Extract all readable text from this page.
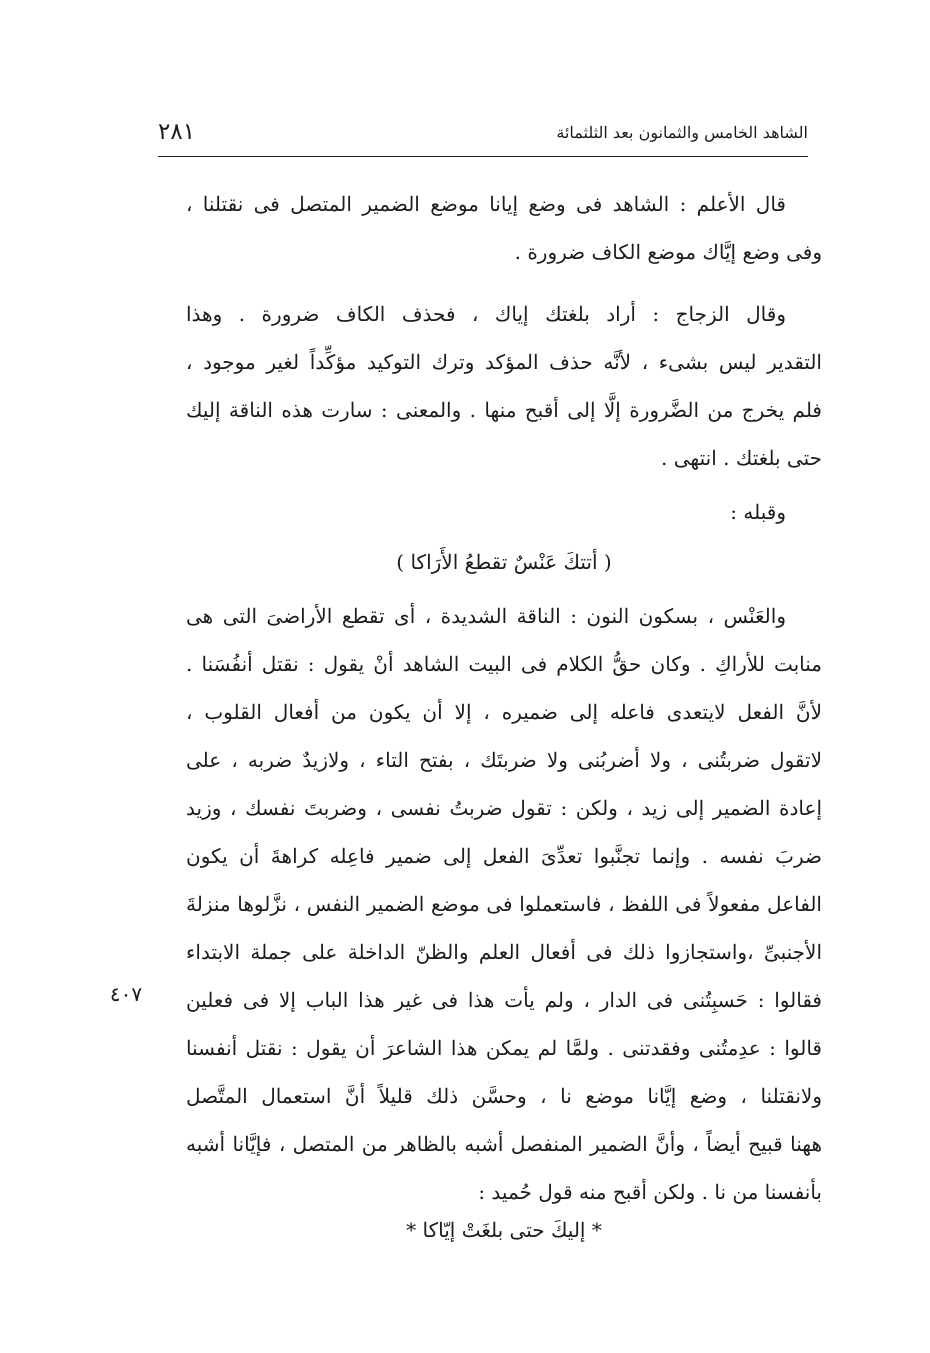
الشاهد الخامس والثمانون بعد الثلثمائة
٢٨١
قال الأعلم : الشاهد فى وضع إيانا موضع الضمير المتصل فى نقتلنا ،
وفى وضع إيَّاك موضع الكاف ضرورة .
وقال الزجاج : أراد بلغتك إياك ، فحذف الكاف ضرورة . وهذا
التقدير ليس بشىء ، لأنَّه حذف المؤكد وترك التوكيد مؤكِّداً لغير موجود ،
فلم يخرج من الضَّرورة إلَّا إلى أقبح منها . والمعنى : سارت هذه الناقة إليك
حتى بلغتك . انتهى .
وقبله :
( أتتكَ عَنْسٌ تقطعُ الأَرَاكا )
والعَنْس ، بسكون النون : الناقة الشديدة ، أى تقطع الأراضىَ التى هى
منابت للأراكِ . وكان حقُّ الكلام فى البيت الشاهد أنْ يقول : نقتل أنفُسَنا .
لأنَّ الفعل لايتعدى فاعله إلى ضميره ، إلا أن يكون من أفعال القلوب ،
لاتقول ضربتُنى ، ولا أضربُنى ولا ضربتَك ، بفتح التاء ، ولازيدٌ ضربه ، على
إعادة الضمير إلى زيد ، ولكن : تقول ضربتُ نفسى ، وضربتَ نفسك ، وزيد
ضربَ نفسه . وإنما تجنَّبوا تعدِّىَ الفعل إلى ضمير فاعِله كراهةَ أن يكون
الفاعل مفعولاً فى اللفظ ، فاستعملوا فى موضع الضمير النفس ، نزَّلوها منزلةَ
الأجنبىِّ ،واستجازوا ذلك فى أفعال العلم والظنّ الداخلة على جملة الابتداء
فقالوا : حَسبِتُنى فى الدار ، ولم يأت هذا فى غير هذا الباب إلا فى فعلين
قالوا : عدِمتُنى وفقدتنى . ولمَّا لم يمكن هذا الشاعرَ أن يقول : نقتل أنفسنا
ولانقتلنا ، وضع إيَّانا موضع نا ، وحسَّن ذلك قليلاً أنَّ استعمال المتَّصل
ههنا قبيح أيضاً ، وأنَّ الضمير المنفصل أشبه بالظاهر من المتصل ، فإيَّانا أشبه
بأنفسنا من نا . ولكن أقبح منه قول حُميد :
* إليكَ حتى بلغَتْ إيّاكا *
٤٠٧
